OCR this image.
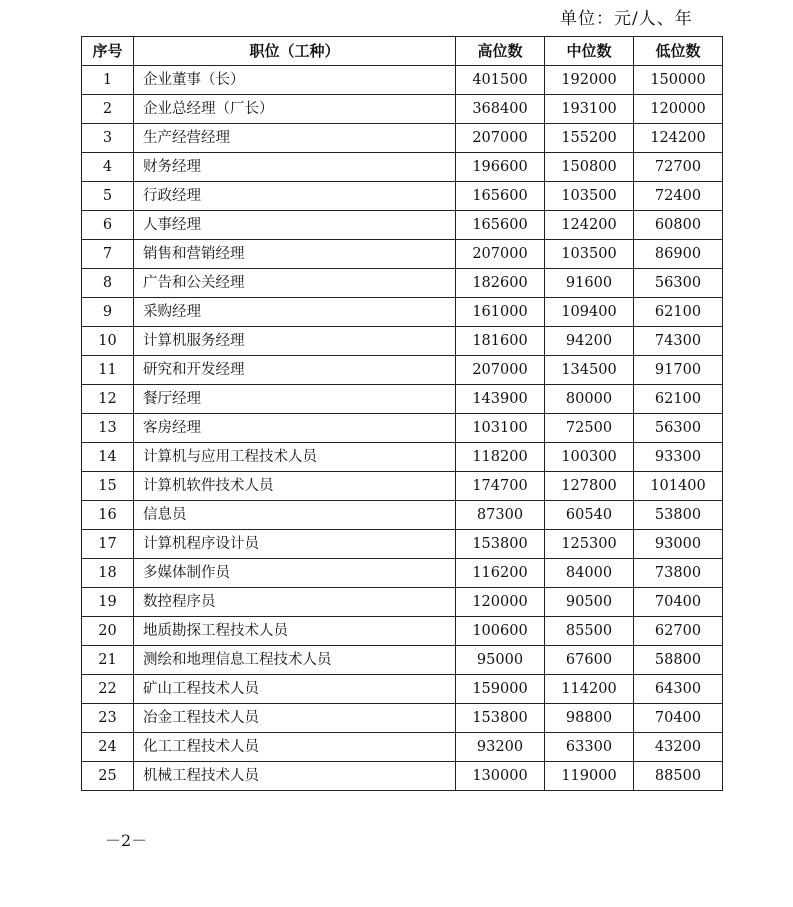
单位：元/人、年
序号	职位（工种）	高位数	中位数	低位数
1	企业董事（长）	401500	192000	150000
2	企业总经理（厂长）	368400	193100	120000
3	生产经营经理	207000	155200	124200
4	财务经理	196600	150800	72700
5	行政经理	165600	103500	72400
6	人事经理	165600	124200	60800
7	销售和营销经理	207000	103500	86900
8	广告和公关经理	182600	91600	56300
9	采购经理	161000	109400	62100
10	计算机服务经理	181600	94200	74300
11	研究和开发经理	207000	134500	91700
12	餐厅经理	143900	80000	62100
13	客房经理	103100	72500	56300
14	计算机与应用工程技术人员	118200	100300	93300
15	计算机软件技术人员	174700	127800	101400
16	信息员	87300	60540	53800
17	计算机程序设计员	153800	125300	93000
18	多媒体制作员	116200	84000	73800
19	数控程序员	120000	90500	70400
20	地质勘探工程技术人员	100600	85500	62700
21	测绘和地理信息工程技术人员	95000	67600	58800
22	矿山工程技术人员	159000	114200	64300
23	冶金工程技术人员	153800	98800	70400
24	化工工程技术人员	93200	63300	43200
25	机械工程技术人员	130000	119000	88500
－2－
